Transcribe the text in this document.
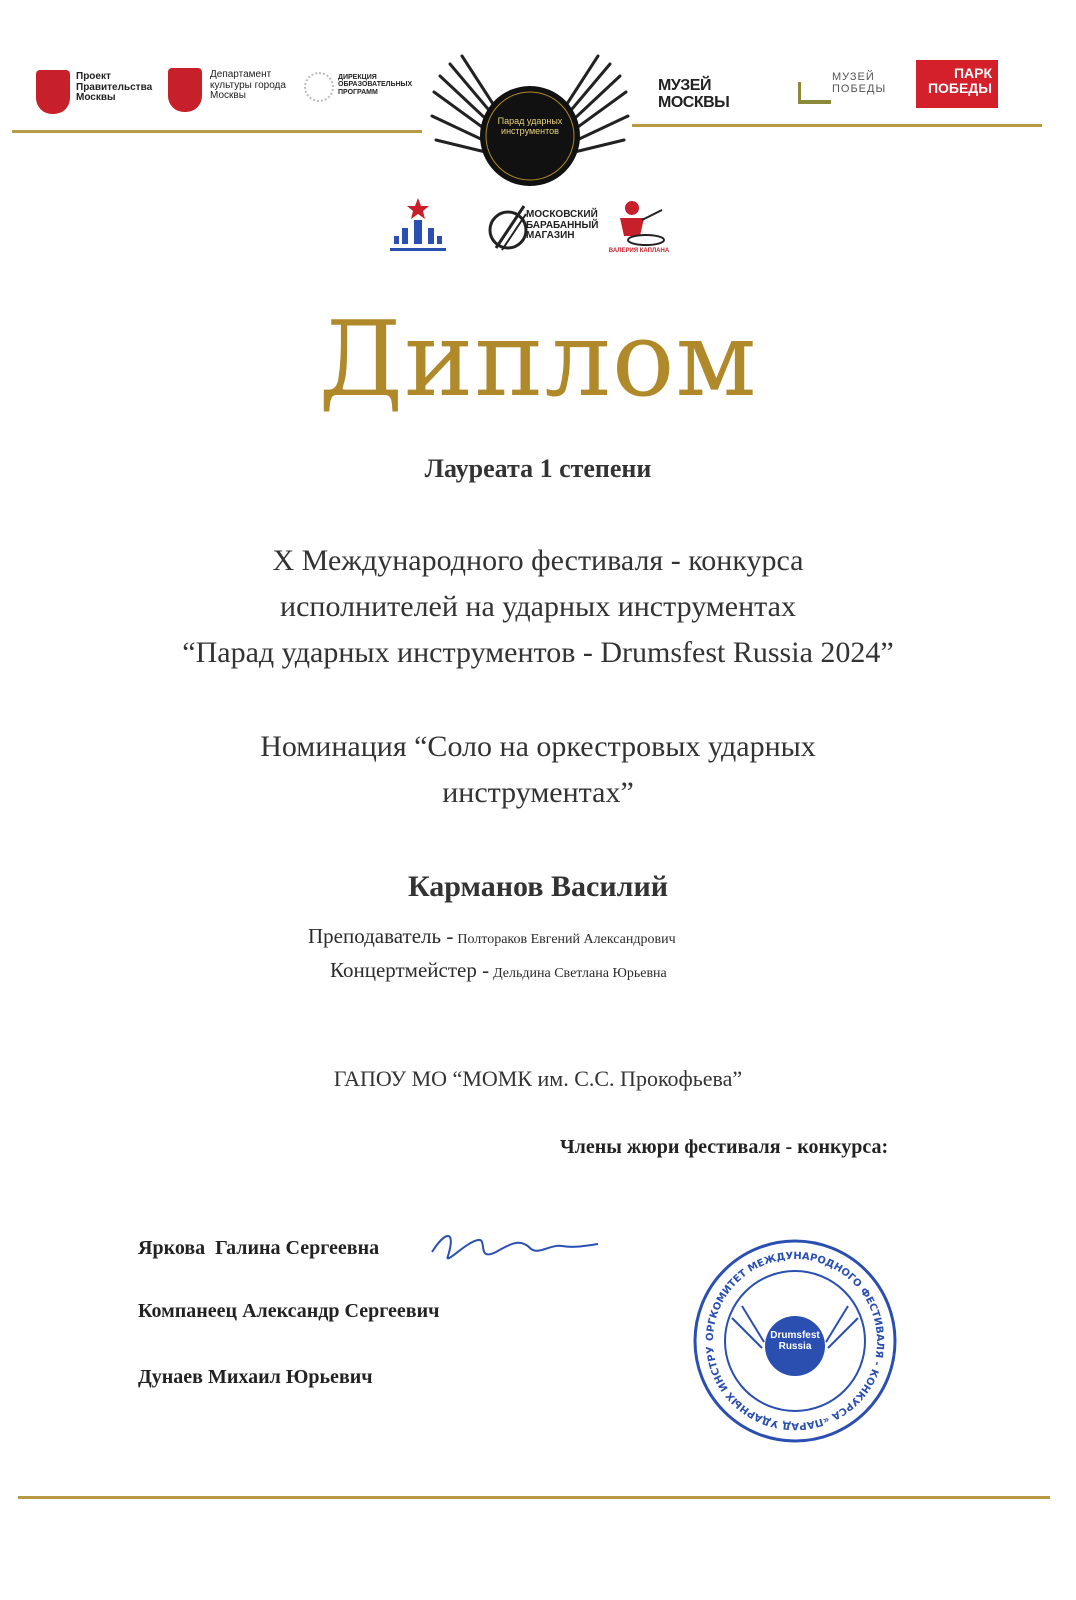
Проект Правительства Москвы
Департамент культуры города Москвы
ДИРЕКЦИЯ ОБРАЗОВАТЕЛЬНЫХ ПРОГРАММ
Парад ударных инструментов
МУЗЕЙ МОСКВЫ
МУЗЕЙ ПОБЕДЫ
ПАРК ПОБЕДЫ
МОСКОВСКИЙ БАРАБАННЫЙ МАГАЗИН
ВАЛЕРИЯ КАПЛАНА
Диплом
Лауреата 1 степени
X Международного фестиваля - конкурса
исполнителей на ударных инструментах
“Парад ударных инструментов - Drumsfest Russia 2024”
Номинация “Соло на оркестровых ударных
инструментах”
Карманов Василий
Преподаватель - Полторaков Евгений Александрович
Концертмейстер - Дельдина Светлана Юрьевна
ГАПОУ МО “МОМК им. С.С. Прокофьева”
Члены жюри фестиваля - конкурса:
Яркова  Галина Сергеевна
Компанеец Александр Сергеевич
Дунаев Михаил Юрьевич
ОРГКОМИТЕТ МЕЖДУНАРОДНОГО ФЕСТИВАЛЯ - КОНКУРСА «ПАРАД УДАРНЫХ ИНСТРУ
Drumsfest Russia
